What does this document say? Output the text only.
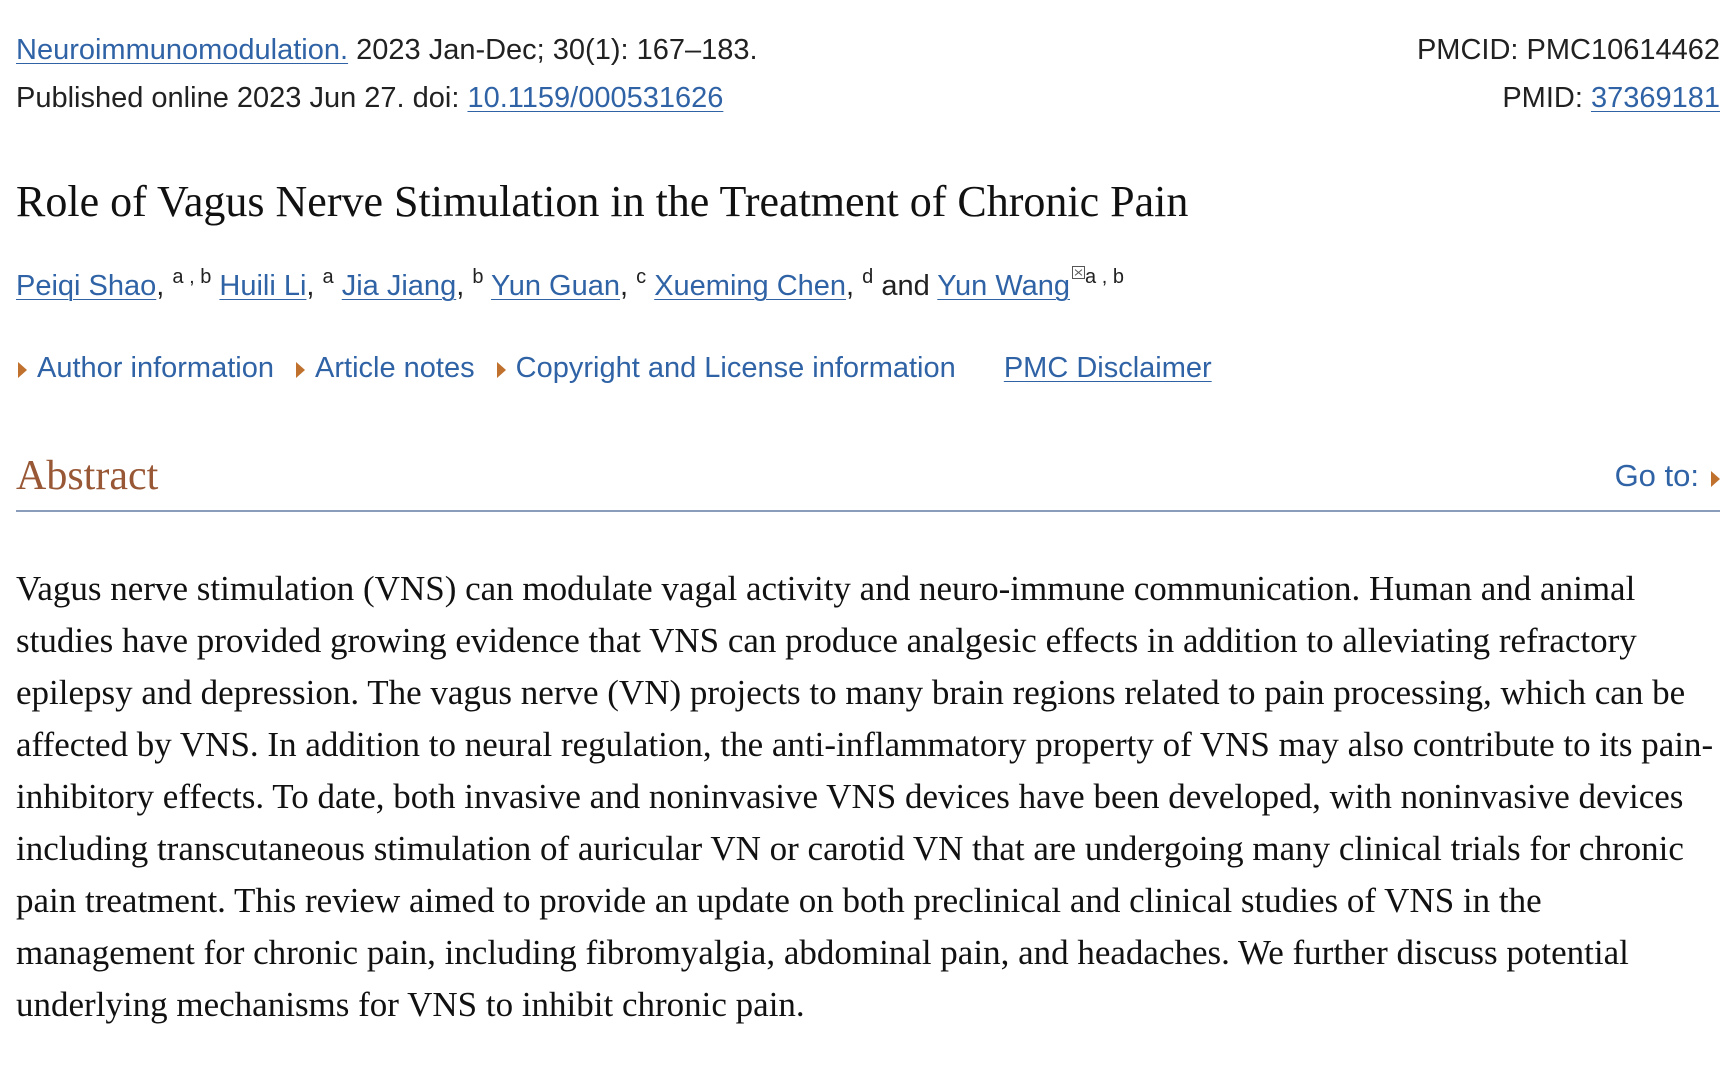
Neuroimmunomodulation. 2023 Jan-Dec; 30(1): 167–183.
Published online 2023 Jun 27. doi: 10.1159/000531626
PMCID: PMC10614462
PMID: 37369181
Role of Vagus Nerve Stimulation in the Treatment of Chronic Pain
Peiqi Shao, $^{a , b}$ Huili Li, $^a$ Jia Jiang, $^b$ Yun Guan, $^c$ Xueming Chen, $^d$ and Yun Wang $^{a , b}$
Author information Article notes Copyright and License information PMC Disclaimer
Abstract	Go to:

Vagus nerve stimulation (VNS) can modulate vagal activity and neuro-immune communication. Human and animal studies have provided growing evidence that VNS can produce analgesic effects in addition to alleviating refractory epilepsy and depression. The vagus nerve (VN) projects to many brain regions related to pain processing, which can be affected by VNS. In addition to neural regulation, the anti-inflammatory property of VNS may also contribute to its pain-inhibitory effects. To date, both invasive and noninvasive VNS devices have been developed, with noninvasive devices including transcutaneous stimulation of auricular VN or carotid VN that are undergoing many clinical trials for chronic pain treatment. This review aimed to provide an update on both preclinical and clinical studies of VNS in the management for chronic pain, including fibromyalgia, abdominal pain, and headaches. We further discuss potential underlying mechanisms for VNS to inhibit chronic pain.
